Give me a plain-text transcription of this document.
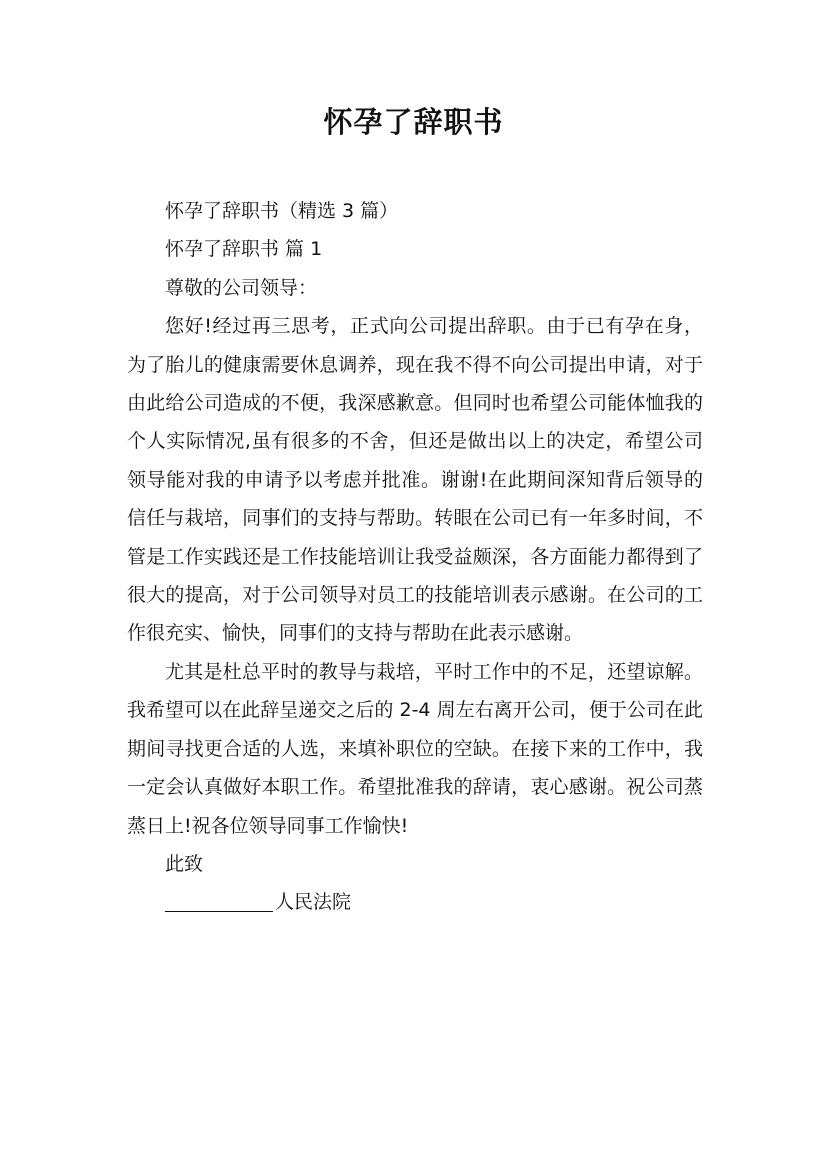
怀孕了辞职书

怀孕了辞职书（精选 3 篇）

怀孕了辞职书 篇 1

尊敬的公司领导：

您好!经过再三思考，正式向公司提出辞职。由于已有孕在身，为了胎儿的健康需要休息调养，现在我不得不向公司提出申请，对于由此给公司造成的不便，我深感歉意。但同时也希望公司能体恤我的个人实际情况,虽有很多的不舍，但还是做出以上的决定，希望公司领导能对我的申请予以考虑并批准。谢谢!在此期间深知背后领导的信任与栽培，同事们的支持与帮助。转眼在公司已有一年多时间，不管是工作实践还是工作技能培训让我受益颇深，各方面能力都得到了很大的提高，对于公司领导对员工的技能培训表示感谢。在公司的工作很充实、愉快，同事们的支持与帮助在此表示感谢。

尤其是杜总平时的教导与栽培，平时工作中的不足，还望谅解。我希望可以在此辞呈递交之后的 2-4 周左右离开公司，便于公司在此期间寻找更合适的人选，来填补职位的空缺。在接下来的工作中，我一定会认真做好本职工作。希望批准我的辞请，衷心感谢。祝公司蒸蒸日上!祝各位领导同事工作愉快!

此致

人民法院
